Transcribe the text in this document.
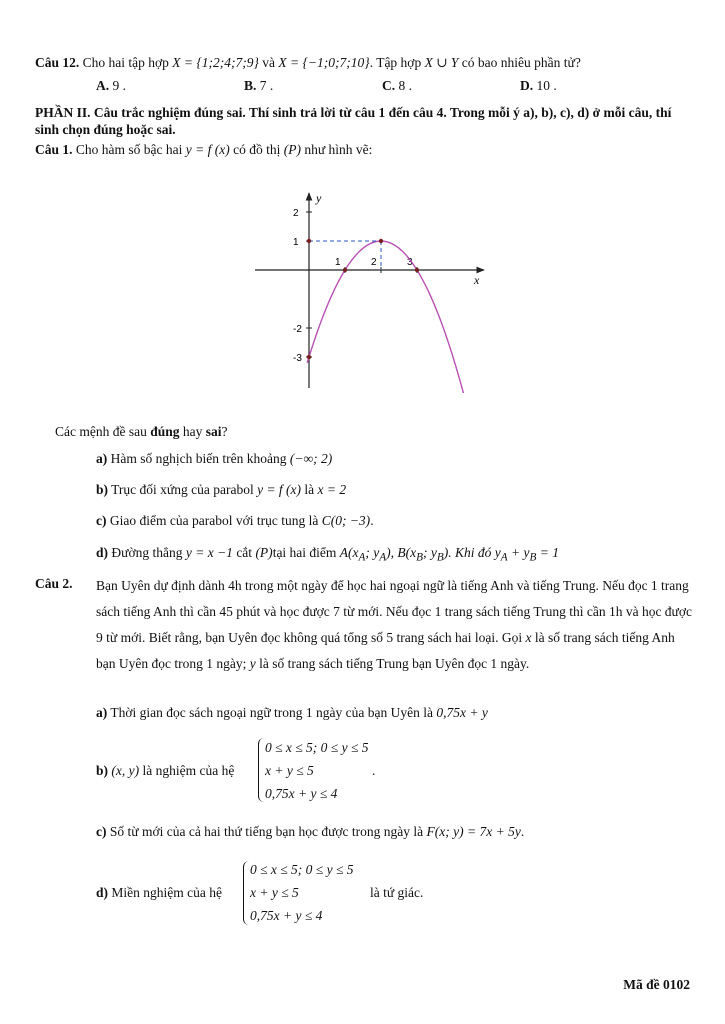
Câu 12. Cho hai tập hợp X = {1;2;4;7;9} và X = {−1;0;7;10}. Tập hợp X ∪ Y có bao nhiêu phần tử?
A. 9 .	B. 7 .	C. 8 .	D. 10 .
PHẦN II. Câu trắc nghiệm đúng sai. Thí sinh trả lời từ câu 1 đến câu 4. Trong mỗi ý a), b), c), d) ở mỗi câu, thí sinh chọn đúng hoặc sai.
Câu 1. Cho hàm số bậc hai y = f (x) có đồ thị (P) như hình vẽ:
x
y
1	2	3
2
1
-2
-3
Các mệnh đề sau đúng hay sai?
a) Hàm số nghịch biến trên khoảng (−∞; 2)
b) Trục đối xứng của parabol y = f (x) là x = 2
c) Giao điểm của parabol với trục tung là C(0; −3).
d) Đường thẳng y = x −1 cắt (P)tại hai điểm $A(x_A$; $y_A$), $B(x_B$; $y_B$). Khi đó $y_A + y_B = 1$
Câu 2. Bạn Uyên dự định dành 4h trong một ngày để học hai ngoại ngữ là tiếng Anh và tiếng Trung. Nếu đọc 1 trang sách tiếng Anh thì cần 45 phút và học được 7 từ mới. Nếu đọc 1 trang sách tiếng Trung thì cần 1h và học được 9 từ mới. Biết rằng, bạn Uyên đọc không quá tổng số 5 trang sách hai loại. Gọi x là số trang sách tiếng Anh bạn Uyên đọc trong 1 ngày; y là số trang sách tiếng Trung bạn Uyên đọc 1 ngày.
a) Thời gian đọc sách ngoại ngữ trong 1 ngày của bạn Uyên là 0,75x + y
b) (x, y) là nghiệm của hệ
0 ≤ x ≤ 5; 0 ≤ y ≤ 5
x + y ≤ 5
0,75x + y ≤ 4
.
c) Số từ mới của cả hai thứ tiếng bạn học được trong ngày là F(x; y) = 7x + 5y.
d) Miền nghiệm của hệ
0 ≤ x ≤ 5; 0 ≤ y ≤ 5
x + y ≤ 5
0,75x + y ≤ 4
là tứ giác.
Mã đề 0102
